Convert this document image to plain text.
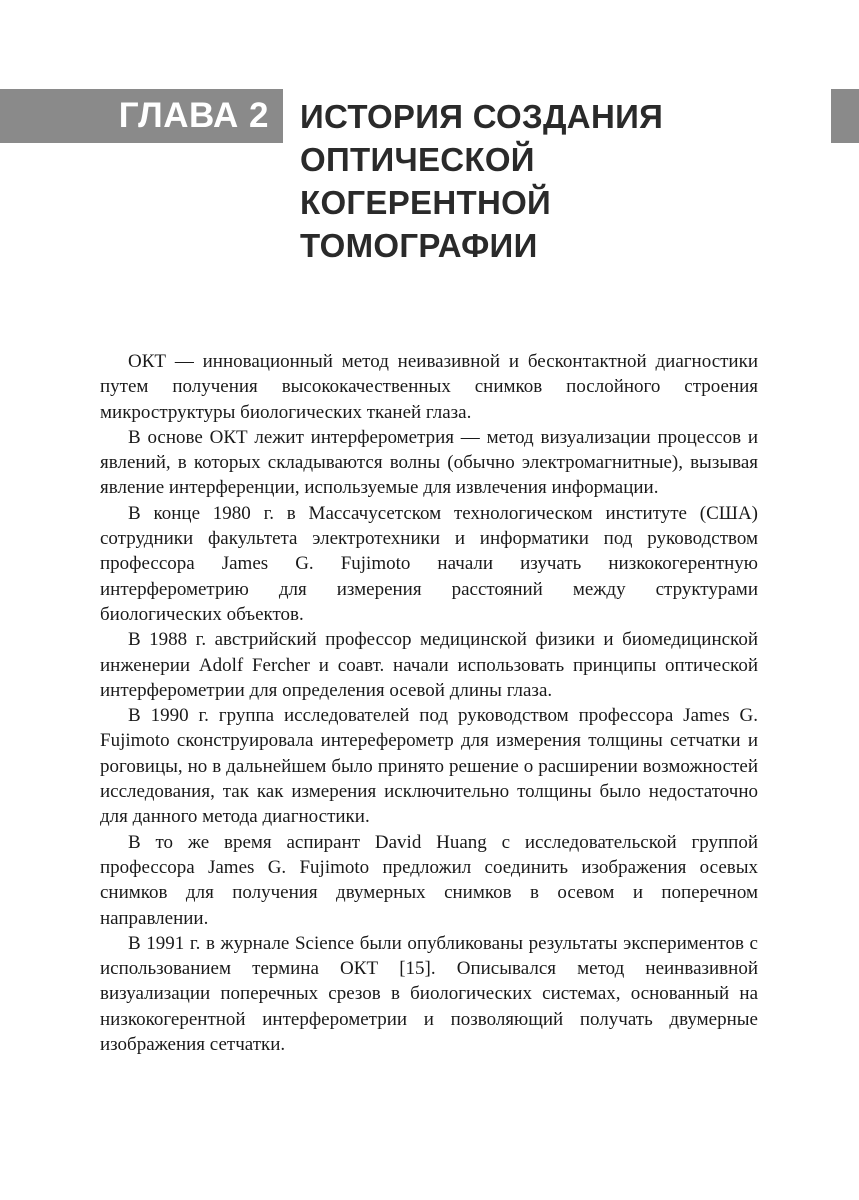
ГЛАВА 2 ИСТОРИЯ СОЗДАНИЯ
ОПТИЧЕСКОЙ
КОГЕРЕНТНОЙ
ТОМОГРАФИИ

ОКТ — инновационный метод неивазивной и бесконтактной диагностики путем получения высококачественных снимков послойного строения микроструктуры биологических тканей глаза.

В основе ОКТ лежит интерферометрия — метод визуализации процессов и явлений, в которых складываются волны (обычно электромагнитные), вызывая явление интерференции, используемые для извлечения информации.

В конце 1980 г. в Массачусетском технологическом институте (США) сотрудники факультета электротехники и информатики под руководством профессора James G. Fujimoto начали изучать низкокогерентную интерферометрию для измерения расстояний между структурами биологических объектов.

В 1988 г. австрийский профессор медицинской физики и биомедицинской инженерии Adolf Fercher и соавт. начали использовать принципы оптической интерферометрии для определения осевой длины глаза.

В 1990 г. группа исследователей под руководством профессора James G. Fujimoto сконструировала интереферометр для измерения толщины сетчатки и роговицы, но в дальнейшем было принято решение о расширении возможностей исследования, так как измерения исключительно толщины было недостаточно для данного метода диагностики.

В то же время аспирант David Huang с исследовательской группой профессора James G. Fujimoto предложил соединить изображения осевых снимков для получения двумерных снимков в осевом и поперечном направлении.

В 1991 г. в журнале Science были опубликованы результаты экспериментов с использованием термина ОКТ [15]. Описывался метод неинвазивной визуализации поперечных срезов в биологических системах, основанный на низкокогерентной интерферометрии и позволяющий получать двумерные изображения сетчатки.
